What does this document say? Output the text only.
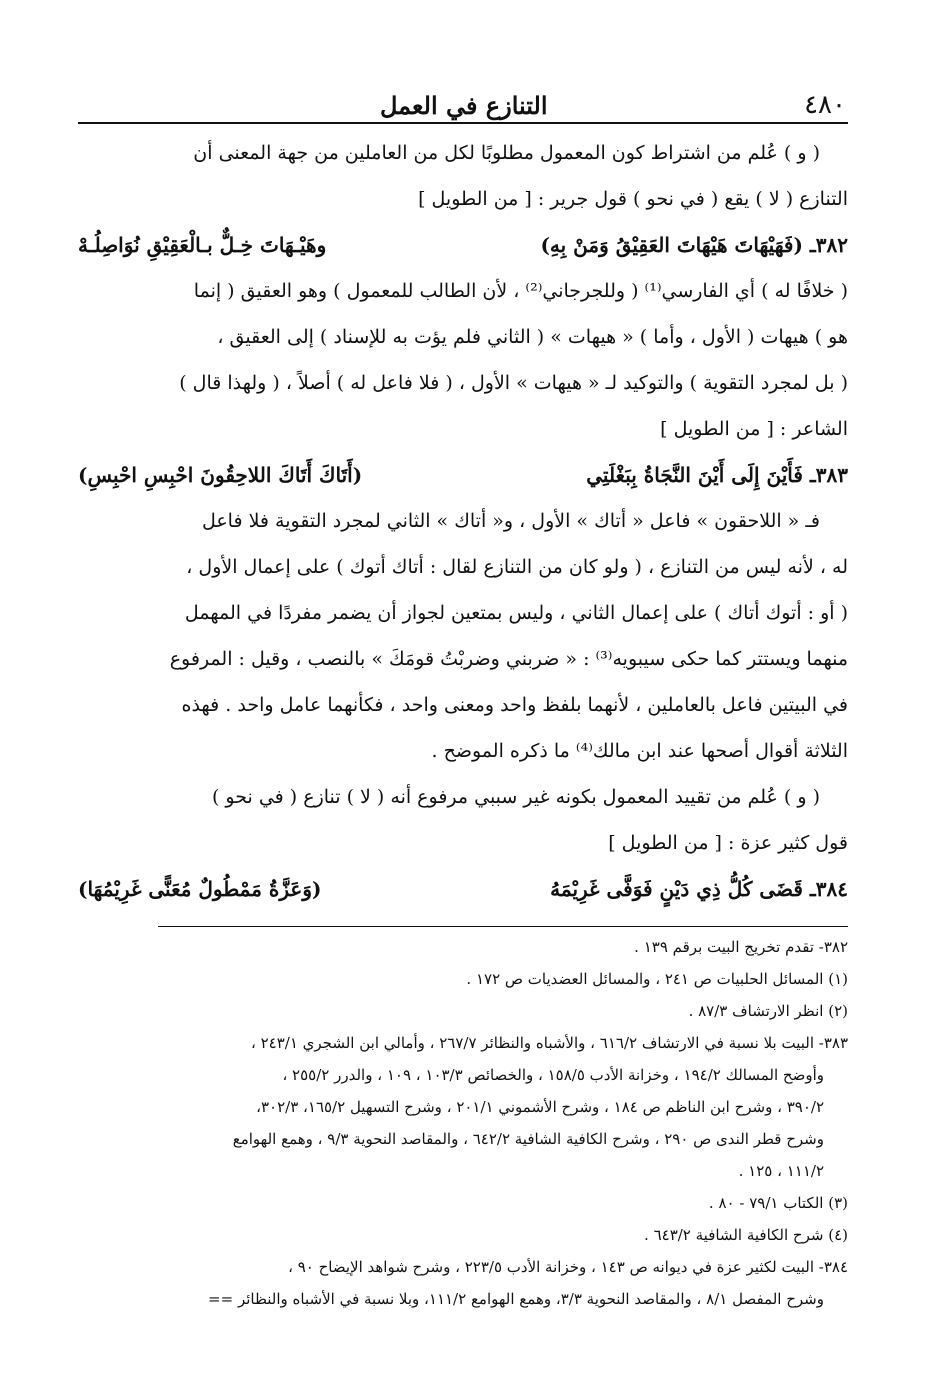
٤٨٠
التنازع في العمل
( و ) عُلم من اشتراط كون المعمول مطلوبًا لكل من العاملين من جهة المعنى أن
التنازع ( لا ) يقع ( في نحو ) قول جرير : [ من الطويل ]
٣٨٢ـ (فَهَيْهَاتَ هَيْهَاتَ العَقِيْقُ وَمَنْ بِهِ)
وهَيْـهَاتَ خِـلٌّ بـالْعَقِيْقِ نُوَاصِلُـهْ
( خلافًا له ) أي الفارسي⁽¹⁾ ( وللجرجاني⁽²⁾ ، لأن الطالب للمعمول ) وهو العقيق ( إنما
هو ) هيهات ( الأول ، وأما ) « هيهات » ( الثاني فلم يؤت به للإسناد ) إلى العقيق ،
( بل لمجرد التقوية ) والتوكيد لـ « هيهات » الأول ، ( فلا فاعل له ) أصلاً ، ( ولهذا قال )
الشاعر : [ من الطويل ]
٣٨٣ـ فَأَيْنَ إِلَى أَيْنَ النَّجَاةُ بِبَغْلَتِي
(أَتَاكَ أَتَاكَ اللاحِقُونَ احْبِسِ احْبِسِ)
فـ « اللاحقون » فاعل « أتاك » الأول ، و« أتاك » الثاني لمجرد التقوية فلا فاعل
له ، لأنه ليس من التنازع ، ( ولو كان من التنازع لقال : أتاك أتوك ) على إعمال الأول ،
( أو : أتوك أتاك ) على إعمال الثاني ، وليس بمتعين لجواز أن يضمر مفردًا في المهمل
منهما ويستتر كما حكى سيبويه⁽³⁾ : « ضربني وضربْتُ قومَكَ » بالنصب ، وقيل : المرفوع
في البيتين فاعل بالعاملين ، لأنهما بلفظ واحد ومعنى واحد ، فكأنهما عامل واحد . فهذه
الثلاثة أقوال أصحها عند ابن مالك⁽⁴⁾ ما ذكره الموضح .
( و ) عُلم من تقييد المعمول بكونه غير سببي مرفوع أنه ( لا ) تنازع ( في نحو )
قول كثير عزة : [ من الطويل ]
٣٨٤ـ قَضَى كُلُّ ذِي دَيْنٍ فَوَفَّى غَرِيْمَهُ
(وَعَزَّةُ مَمْطُولٌ مُعَنًّى غَرِيْمُهَا)
٣٨٢- تقدم تخريج البيت برقم ١٣٩ .
(١) المسائل الحلبيات ص ٢٤١ ، والمسائل العضديات ص ١٧٢ .
(٢) انظر الارتشاف ٨٧/٣ .
٣٨٣- البيت بلا نسبة في الارتشاف ٦١٦/٢ ، والأشباه والنظائر ٢٦٧/٧ ، وأمالي ابن الشجري ٢٤٣/١ ،
وأوضح المسالك ١٩٤/٢ ، وخزانة الأدب ١٥٨/٥ ، والخصائص ١٠٣/٣ ، ١٠٩ ، والدرر ٢٥٥/٢ ،
٣٩٠/٢ ، وشرح ابن الناظم ص ١٨٤ ، وشرح الأشموني ٢٠١/١ ، وشرح التسهيل ١٦٥/٢، ٣٠٢/٣،
وشرح قطر الندى ص ٢٩٠ ، وشرح الكافية الشافية ٦٤٢/٢ ، والمقاصد النحوية ٩/٣ ، وهمع الهوامع
١١١/٢ ، ١٢٥ .
(٣) الكتاب ٧٩/١ - ٨٠ .
(٤) شرح الكافية الشافية ٦٤٣/٢ .
٣٨٤- البيت لكثير عزة في ديوانه ص ١٤٣ ، وخزانة الأدب ٢٢٣/٥ ، وشرح شواهد الإيضاح ٩٠ ،
وشرح المفصل ٨/١ ، والمقاصد النحوية ٣/٣، وهمع الهوامع ١١١/٢، وبلا نسبة في الأشباه والنظائر ==
